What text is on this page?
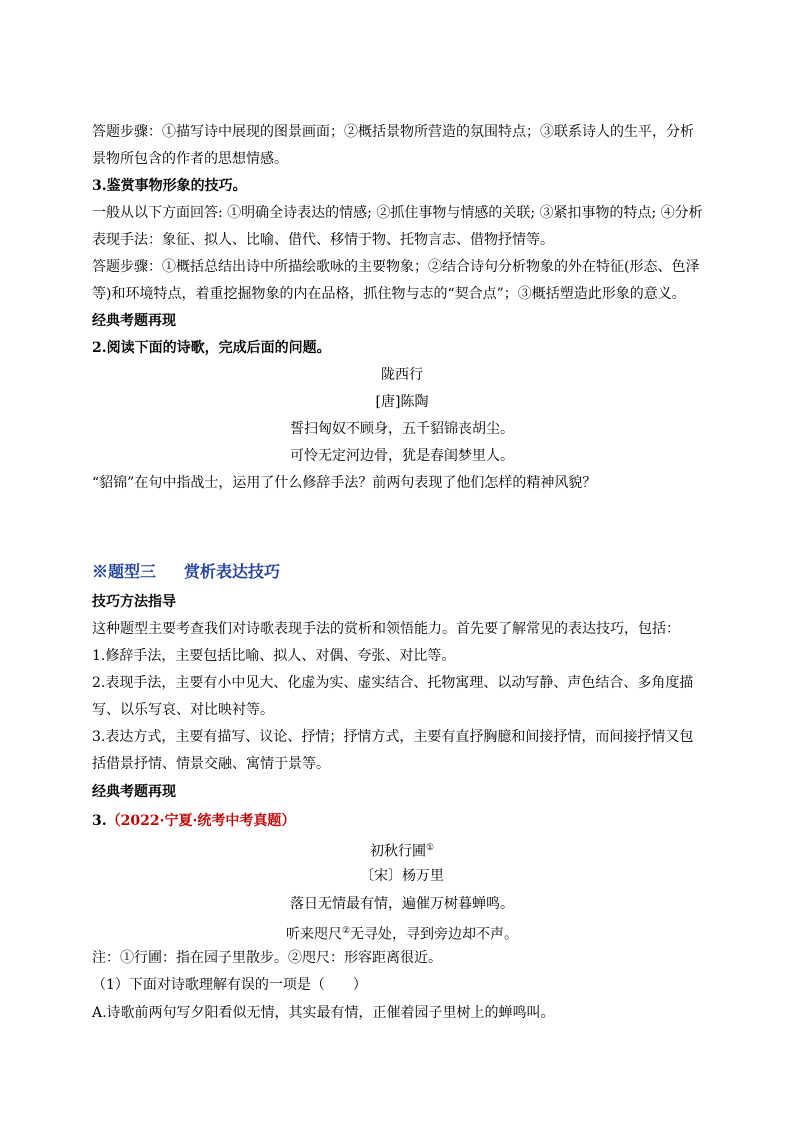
答题步骤：①描写诗中展现的图景画面；②概括景物所营造的氛围特点；③联系诗人的生平，分析
景物所包含的作者的思想情感。
3.鉴赏事物形象的技巧。
一般从以下方面回答: ①明确全诗表达的情感; ②抓住事物与情感的关联; ③紧扣事物的特点; ④分析
表现手法：象征、拟人、比喻、借代、移情于物、托物言志、借物抒情等。
答题步骤：①概括总结出诗中所描绘歌咏的主要物象；②结合诗句分析物象的外在特征(形态、色泽
等)和环境特点，着重挖掘物象的内在品格，抓住物与志的“契合点”；③概括塑造此形象的意义。
经典考题再现
2.阅读下面的诗歌，完成后面的问题。
陇西行
[唐]陈陶
誓扫匈奴不顾身，五千貂锦丧胡尘。
可怜无定河边骨，犹是春闺梦里人。
“貂锦”在句中指战士，运用了什么修辞手法？前两句表现了他们怎样的精神风貌？
※题型三 赏析表达技巧
技巧方法指导
这种题型主要考查我们对诗歌表现手法的赏析和领悟能力。首先要了解常见的表达技巧，包括：
1.修辞手法，主要包括比喻、拟人、对偶、夸张、对比等。
2.表现手法，主要有小中见大、化虚为实、虚实结合、托物寓理、以动写静、声色结合、多角度描
写、以乐写哀、对比映衬等。
3.表达方式，主要有描写、议论、抒情；抒情方式，主要有直抒胸臆和间接抒情，而间接抒情又包
括借景抒情、情景交融、寓情于景等。
经典考题再现
3.（2022·宁夏·统考中考真题）
初秋行圃①
〔宋〕杨万里
落日无情最有情，遍催万树暮蝉鸣。
听来咫尺②无寻处，寻到旁边却不声。
注：①行圃：指在园子里散步。②咫尺：形容距离很近。
（1）下面对诗歌理解有误的一项是（　　）
A.诗歌前两句写夕阳看似无情，其实最有情，正催着园子里树上的蝉鸣叫。
